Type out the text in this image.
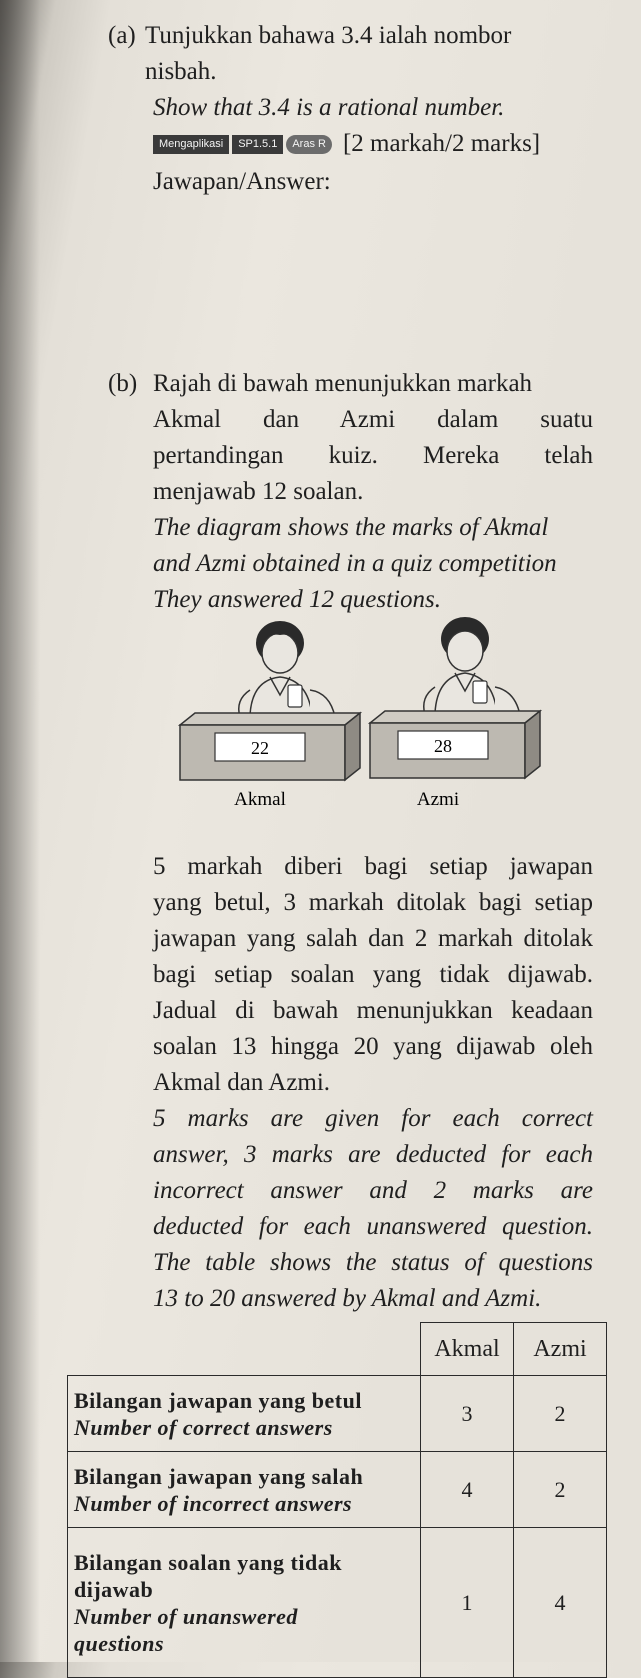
(a) Tunjukkan bahawa 3.4 ialah nombor
nisbah.
Show that 3.4 is a rational number.
Mengaplikasi	SP1.5.1	Aras R [2 markah/2 marks]
Jawapan/Answer:
(b) Rajah di bawah menunjukkan markah
Akmal dan Azmi dalam suatu
pertandingan kuiz. Mereka telah
menjawab 12 soalan.
The diagram shows the marks of Akmal
and Azmi obtained in a quiz competition
They answered 12 questions.
22
Akmal
28
Azmi
5 markah diberi bagi setiap jawapan
yang betul, 3 markah ditolak bagi setiap
jawapan yang salah dan 2 markah ditolak
bagi setiap soalan yang tidak dijawab.
Jadual di bawah menunjukkan keadaan
soalan 13 hingga 20 yang dijawab oleh
Akmal dan Azmi.
5 marks are given for each correct
answer, 3 marks are deducted for each
incorrect answer and 2 marks are
deducted for each unanswered question.
The table shows the status of questions
13 to 20 answered by Akmal and Azmi.
	Akmal	Azmi

Bilangan jawapan yang betul
Number of correct answers	3	2

Bilangan jawapan yang salah
Number of incorrect answers	4	2

Bilangan soalan yang tidak
dijawab
Number of unanswered
questions	1	4
